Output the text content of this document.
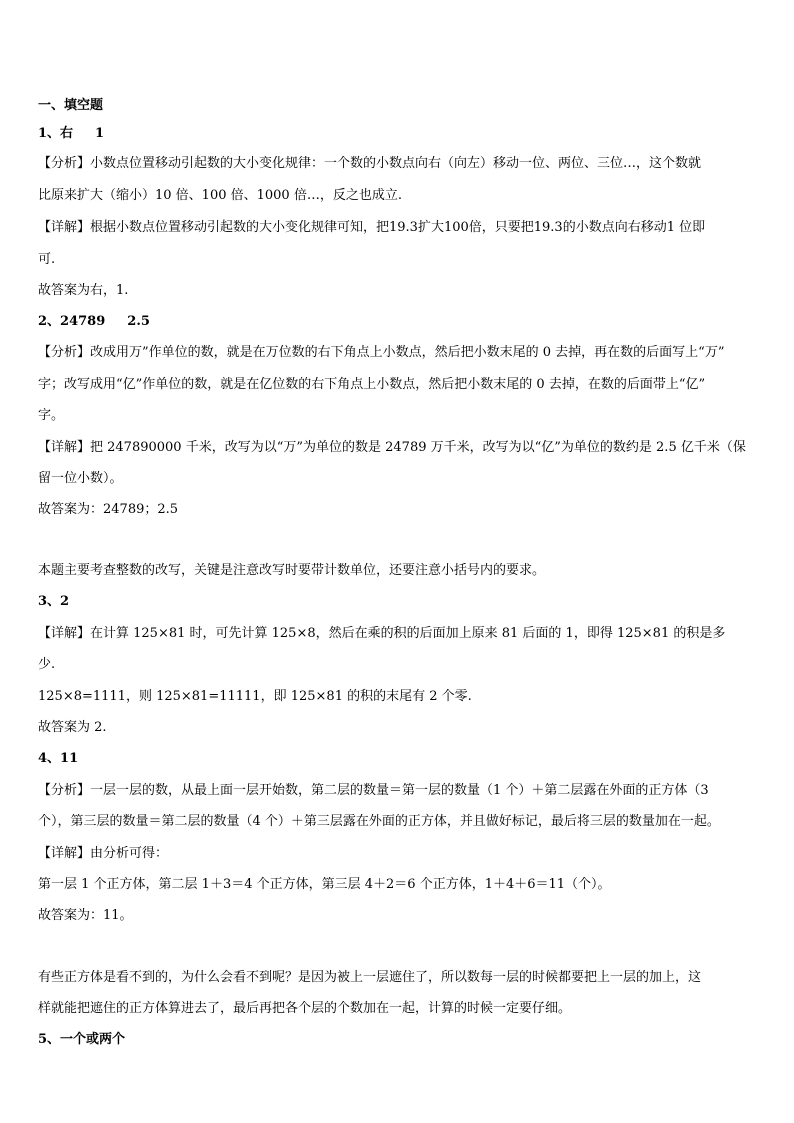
一、填空题
1、右 1
【分析】小数点位置移动引起数的大小变化规律：一个数的小数点向右（向左）移动一位、两位、三位…，这个数就
比原来扩大（缩小）10 倍、100 倍、1000 倍…，反之也成立.
【详解】根据小数点位置移动引起数的大小变化规律可知，把19.3扩大100倍，只要把19.3的小数点向右移动1 位即
可.
故答案为右，1.
2、24789 2.5
【分析】改成用万”作单位的数，就是在万位数的右下角点上小数点，然后把小数末尾的 0 去掉，再在数的后面写上“万”
字；改写成用“亿”作单位的数，就是在亿位数的右下角点上小数点，然后把小数末尾的 0 去掉，在数的后面带上“亿”
字。
【详解】把 247890000 千米，改写为以“万”为单位的数是 24789 万千米，改写为以“亿”为单位的数约是 2.5 亿千米（保
留一位小数）。
故答案为：24789；2.5
本题主要考查整数的改写，关键是注意改写时要带计数单位，还要注意小括号内的要求。
3、2
【详解】在计算 125×81 时，可先计算 125×8，然后在乘的积的后面加上原来 81 后面的 1，即得 125×81 的积是多
少.
125×8=1111，则 125×81=11111，即 125×81 的积的末尾有 2 个零.
故答案为 2.
4、11
【分析】一层一层的数，从最上面一层开始数，第二层的数量＝第一层的数量（1 个）＋第二层露在外面的正方体（3
个），第三层的数量＝第二层的数量（4 个）＋第三层露在外面的正方体，并且做好标记，最后将三层的数量加在一起。
【详解】由分析可得：
第一层 1 个正方体，第二层 1＋3＝4 个正方体，第三层 4＋2＝6 个正方体，1＋4＋6＝11（个）。
故答案为：11。
有些正方体是看不到的，为什么会看不到呢？是因为被上一层遮住了，所以数每一层的时候都要把上一层的加上，这
样就能把遮住的正方体算进去了，最后再把各个层的个数加在一起，计算的时候一定要仔细。
5、一个或两个
